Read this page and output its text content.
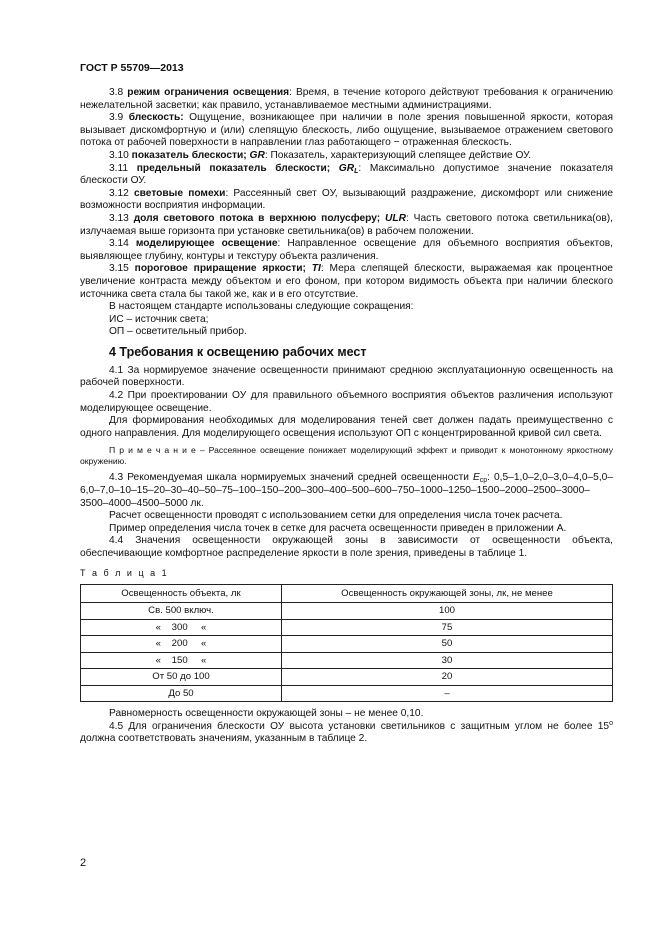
ГОСТ Р 55709—2013

3.8 режим ограничения освещения: Время, в течение которого действуют требования к ограничению нежелательной засветки; как правило, устанавливаемое местными администрациями.

3.9 блескость: Ощущение, возникающее при наличии в поле зрения повышенной яркости, которая вызывает дискомфортную и (или) слепящую блескость, либо ощущение, вызываемое отражением светового потока от рабочей поверхности в направлении глаз работающего − отраженная блескость.

3.10 показатель блескости; GR: Показатель, характеризующий слепящее действие ОУ.

3.11 предельный показатель блескости; $GR_L$: Максимально допустимое значение показателя блескости ОУ.

3.12 световые помехи: Рассеянный свет ОУ, вызывающий раздражение, дискомфорт или снижение возможности восприятия информации.

3.13 доля светового потока в верхнюю полусферу; ULR: Часть светового потока светильника(ов), излучаемая выше горизонта при установке светильника(ов) в рабочем положении.

3.14 моделирующее освещение: Направленное освещение для объемного восприятия объектов, выявляющее глубину, контуры и текстуру объекта различения.

3.15 пороговое приращение яркости; TI: Мера слепящей блескости, выражаемая как процентное увеличение контраста между объектом и его фоном, при котором видимость объекта при наличии блеского источника света стала бы такой же, как и в его отсутствие.

В настоящем стандарте использованы следующие сокращения:

ИС – источник света;

ОП – осветительный прибор.

4 Требования к освещению рабочих мест

4.1 За нормируемое значение освещенности принимают среднюю эксплуатационную освещенность на рабочей поверхности.

4.2 При проектировании ОУ для правильного объемного восприятия объектов различения используют моделирующее освещение.

Для формирования необходимых для моделирования теней свет должен падать преимущественно с одного направления. Для моделирующего освещения используют ОП с концентрированной кривой сил света.

П р и м е ч а н и е – Рассеянное освещение понижает моделирующий эффект и приводит к монотонному яркостному окружению.

4.3 Рекомендуемая шкала нормируемых значений средней освещенности $E_{ср}$: 0,5–1,0–2,0–3,0–4,0–5,0–6,0–7,0–10–15–20–30–40–50–75–100–150–200–300–400–500–600–750–1000–1250–1500–2000–2500–3000–3500–4000–4500–5000 лк.

Расчет освещенности проводят с использованием сетки для определения числа точек расчета.

Пример определения числа точек в сетке для расчета освещенности приведен в приложении А.

4.4 Значения освещенности окружающей зоны в зависимости от освещенности объекта, обеспечивающие комфортное распределение яркости в поле зрения, приведены в таблице 1.

Т а б л и ц а 1

Освещенность объекта, лк	Освещенность окружающей зоны, лк, не менее
Св. 500 включ.	100
«    300     «	75
«    200     «	50
«    150     «	30
От 50 до 100	20
До 50	–

Равномерность освещенности окружающей зоны – не менее 0,10.

4.5 Для ограничения блескости ОУ высота установки светильников с защитным углом не более 15$^o$ должна соответствовать значениям, указанным в таблице 2.

2
